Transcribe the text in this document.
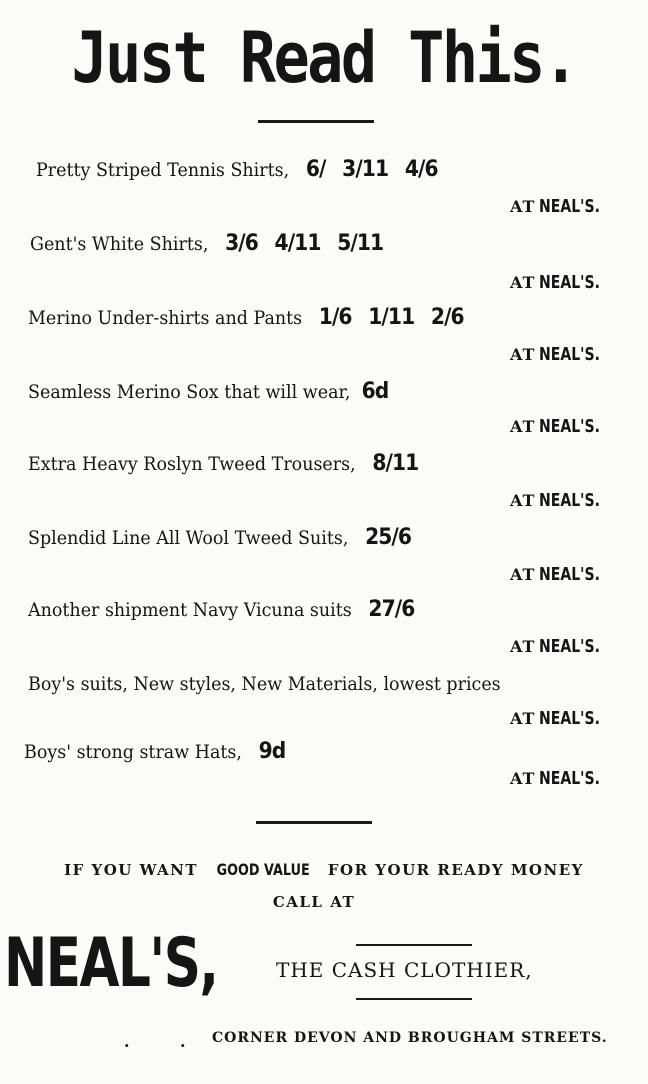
Just Read This.
Pretty Striped Tennis Shirts, 6/ 3/11 4/6
AT NEAL'S.
Gent's White Shirts, 3/6 4/11 5/11
AT NEAL'S.
Merino Under-shirts and Pants 1/6 1/11 2/6
AT NEAL'S.
Seamless Merino Sox that will wear, 6d
AT NEAL'S.
Extra Heavy Roslyn Tweed Trousers, 8/11
AT NEAL'S.
Splendid Line All Wool Tweed Suits, 25/6
AT NEAL'S.
Another shipment Navy Vicuna suits 27/6
AT NEAL'S.
Boy's suits, New styles, New Materials, lowest prices
AT NEAL'S.
Boys' strong straw Hats, 9d
AT NEAL'S.
IF YOU WANT GOOD VALUE FOR YOUR READY MONEY
CALL AT
NEAL'S,	THE CASH CLOTHIER,
.	. CORNER DEVON AND BROUGHAM STREETS.
